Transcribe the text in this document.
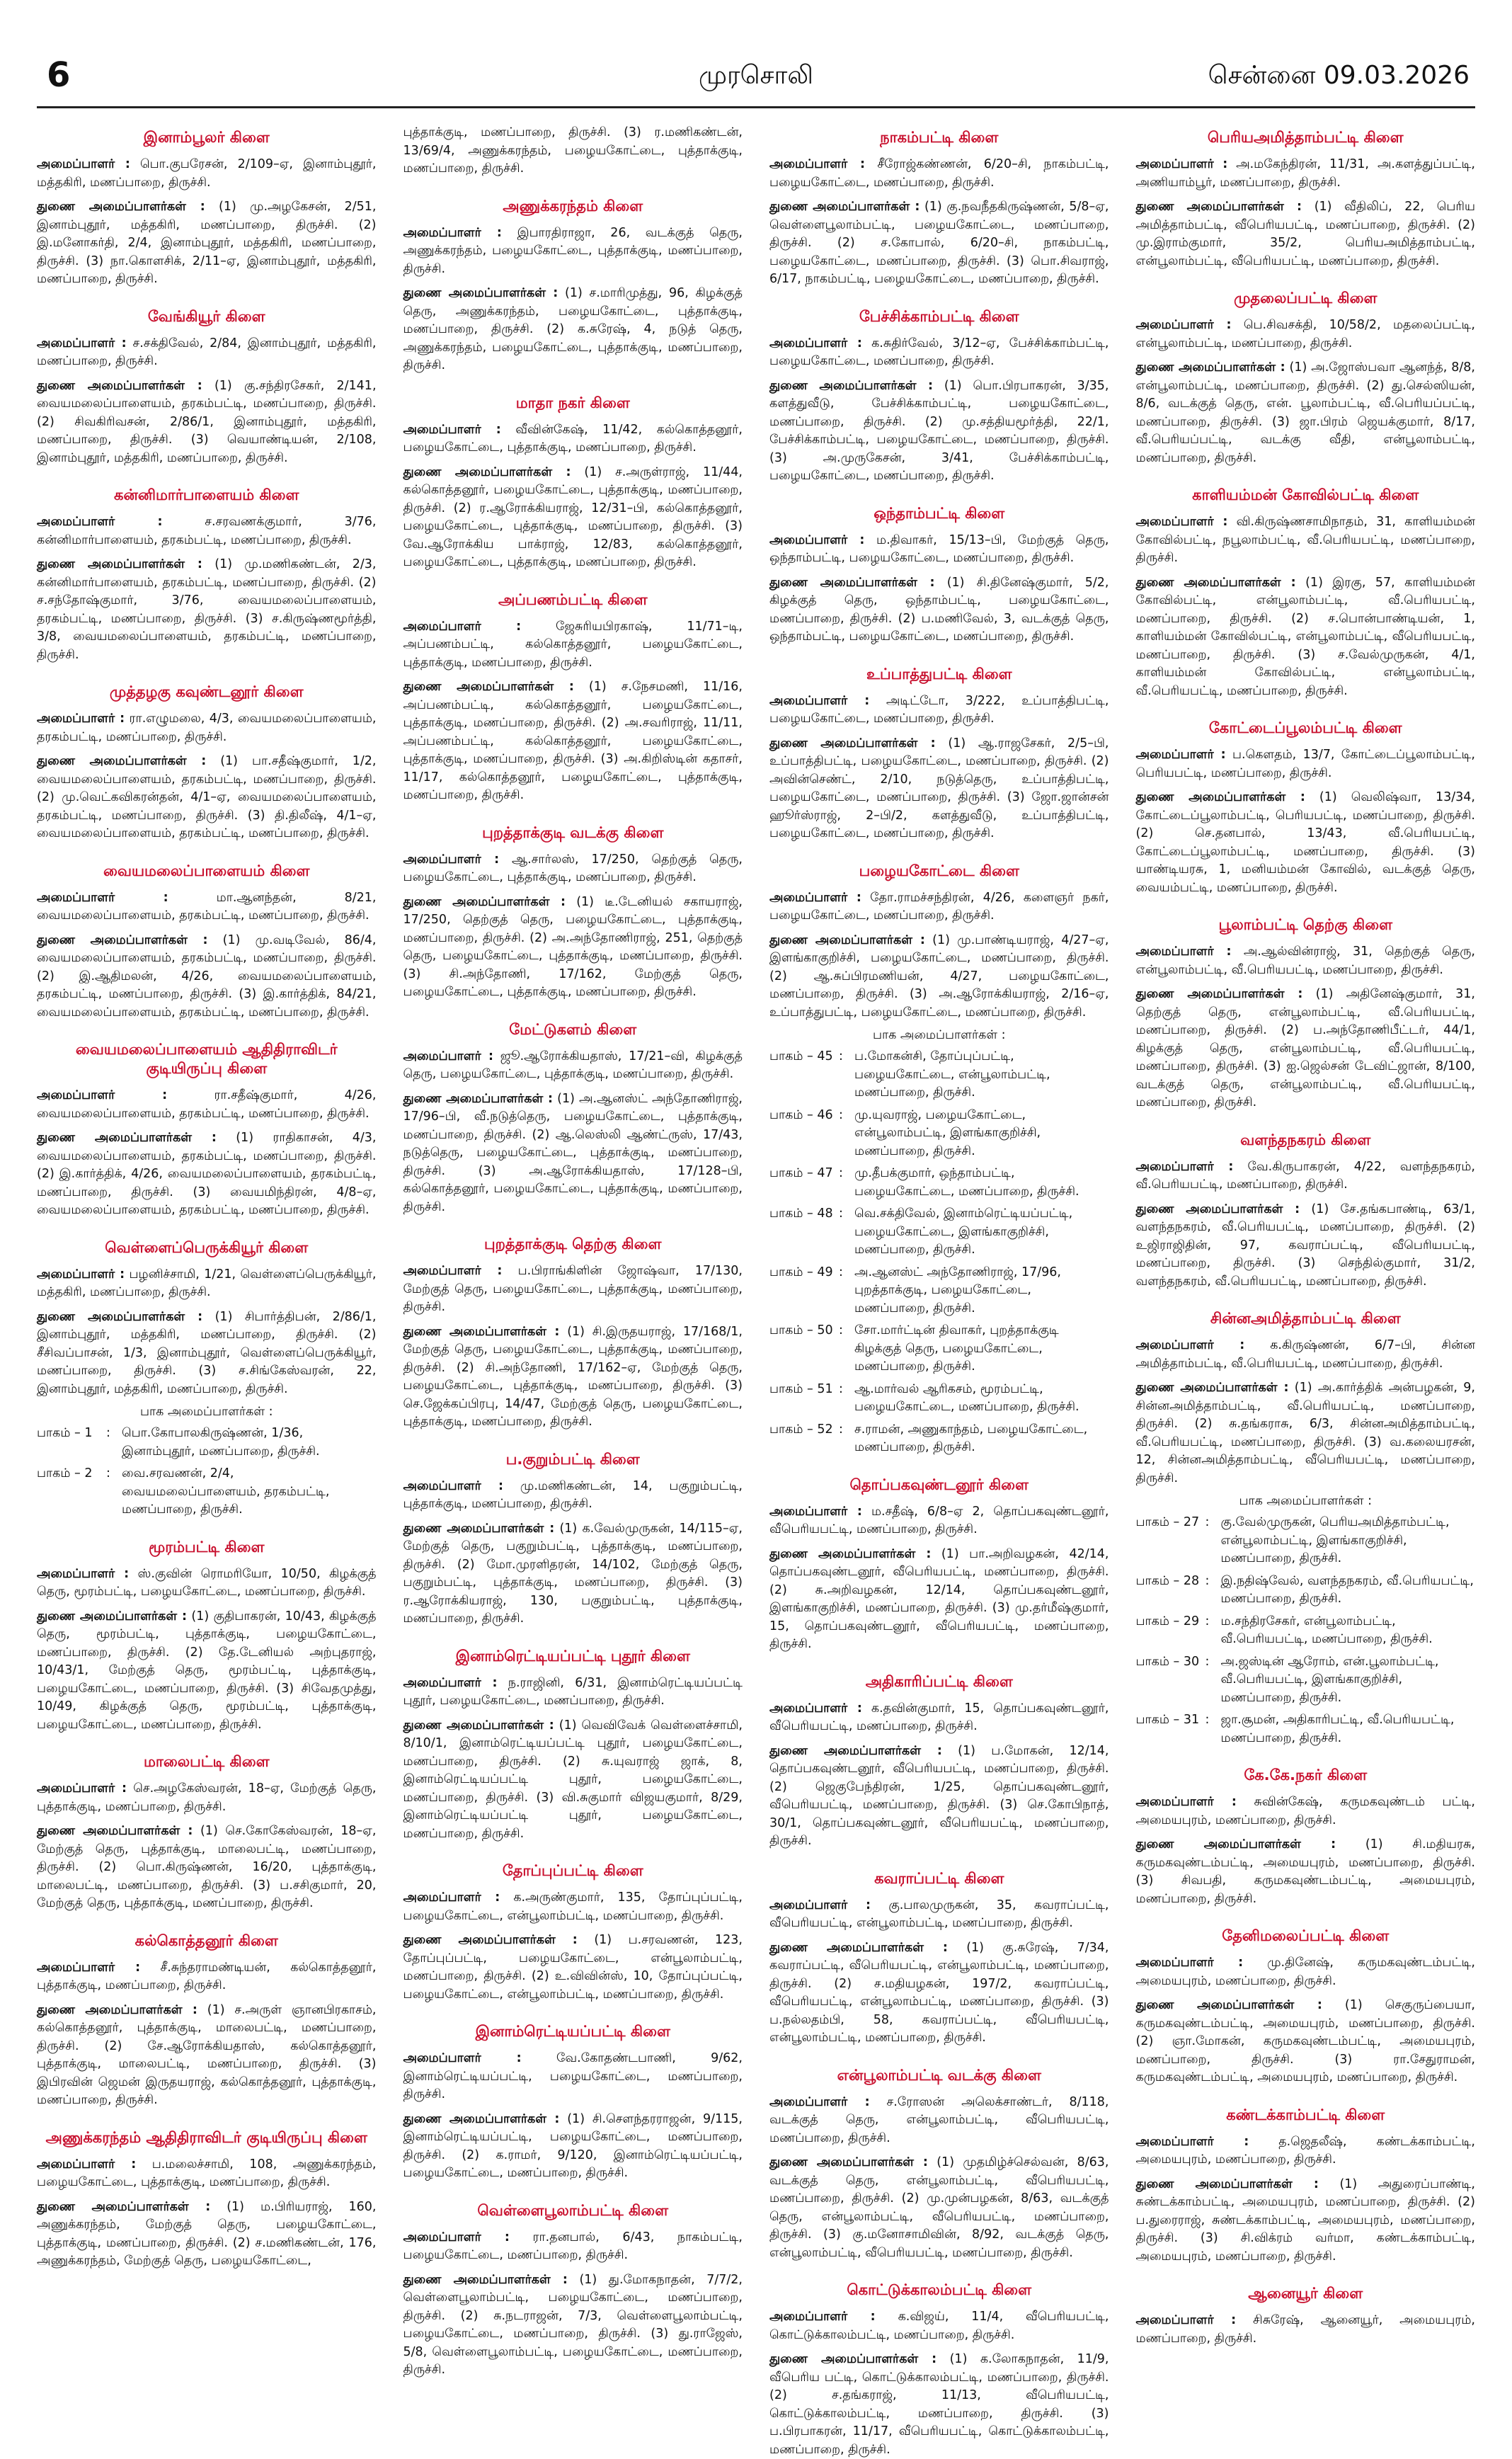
6	முரசொலி	சென்னை 09.03.2026
இனாம்பூலர் கிளை
அமைப்பாளர் : பொ.குபரேசன், 2/109–ஏ, இனாம்புதூர், மத்தகிரி, மணப்பாறை, திருச்சி.
துணை அமைப்பாளர்கள் : (1) மு.அழகேசன், 2/51, இனாம்புதூர், மத்தகிரி, மணப்பாறை, திருச்சி. (2) இ.மனோகர்தி, 2/4, இனாம்புதூர், மத்தகிரி, மணப்பாறை, திருச்சி. (3) நா.கொளசிக், 2/11–ஏ, இனாம்புதூர், மத்தகிரி, மணப்பாறை, திருச்சி.
வேங்கியூர் கிளை
அமைப்பாளர் : ச.சக்திவேல், 2/84, இனாம்புதூர், மத்தகிரி, மணப்பாறை, திருச்சி.
துணை அமைப்பாளர்கள் : (1) கு.சந்திரசேகர், 2/141, வையமலைப்பாளையம், தரகம்பட்டி, மணப்பாறை, திருச்சி. (2) சிவகிரிவசன், 2/86/1, இனாம்புதூர், மத்தகிரி, மணப்பாறை, திருச்சி. (3) வெயாண்டியன், 2/108, இனாம்புதூர், மத்தகிரி, மணப்பாறை, திருச்சி.
கன்னிமார்பாளையம் கிளை
அமைப்பாளர் :	ச.சரவணக்குமார், 3/76, கன்னிமார்பாளையம், தரகம்பட்டி, மணப்பாறை, திருச்சி.
துணை அமைப்பாளர்கள் : (1) மு.மணிகண்டன், 2/3, கன்னிமார்பாளையம், தரகம்பட்டி, மணப்பாறை, திருச்சி. (2) ச.சந்தோஷ்குமார், 3/76, வையமலைப்பாளையம், தரகம்பட்டி, மணப்பாறை, திருச்சி. (3) ச.கிருஷ்ணமூர்த்தி, 3/8, வையமலைப்பாளையம், தரகம்பட்டி, மணப்பாறை, திருச்சி.
முத்தழகு கவுண்டனூர் கிளை
அமைப்பாளர் : ரா.எழுமலை, 4/3, வையமலைப்பாளையம், தரகம்பட்டி, மணப்பாறை, திருச்சி.
துணை அமைப்பாளர்கள் : (1) பா.சதீஷ்குமார், 1/2, வையமலைப்பாளையம், தரகம்பட்டி, மணப்பாறை, திருச்சி. (2) மு.வெட்கவிகரன்தன், 4/1–ஏ, வையமலைப்பாளையம், தரகம்பட்டி, மணப்பாறை, திருச்சி. (3) தி.திலீஷ், 4/1–ஏ, வையமலைப்பாளையம், தரகம்பட்டி, மணப்பாறை, திருச்சி.
வையமலைப்பாளையம் கிளை
அமைப்பாளர் :	மா.ஆனந்தன், 8/21, வையமலைப்பாளையம், தரகம்பட்டி, மணப்பாறை, திருச்சி.
துணை அமைப்பாளர்கள் : (1) மு.வடிவேல், 86/4, வையமலைப்பாளையம், தரகம்பட்டி, மணப்பாறை, திருச்சி. (2) இ.ஆதிமலன், 4/26, வையமலைப்பாளையம், தரகம்பட்டி, மணப்பாறை, திருச்சி. (3) இ.கார்த்திக், 84/21, வையமலைப்பாளையம், தரகம்பட்டி, மணப்பாறை, திருச்சி.
வையமலைப்பாளையம் ஆதிதிராவிடர் குடியிருப்பு கிளை
அமைப்பாளர் :	ரா.சதீஷ்குமார், 4/26, வையமலைப்பாளையம், தரகம்பட்டி, மணப்பாறை, திருச்சி.
துணை அமைப்பாளர்கள் : (1) ராதிகாசன், 4/3, வையமலைப்பாளையம், தரகம்பட்டி, மணப்பாறை, திருச்சி. (2) இ.கார்த்திக், 4/26, வையமலைப்பாளையம், தரகம்பட்டி, மணப்பாறை, திருச்சி. (3) வையமிந்திரன், 4/8–ஏ, வையமலைப்பாளையம், தரகம்பட்டி, மணப்பாறை, திருச்சி.
வெள்ளைப்பெருக்கியூர் கிளை
அமைப்பாளர் : பழனிச்சாமி, 1/21, வெள்ளைப்பெருக்கியூர், மத்தகிரி, மணப்பாறை, திருச்சி.
துணை அமைப்பாளர்கள் : (1) சிபார்த்திபன், 2/86/1, இனாம்புதூர், மத்தகிரி, மணப்பாறை, திருச்சி. (2) சீசிவப்பாசன், 1/3, இனாம்புதூர், வெள்ளைப்பெருக்கியூர், மணப்பாறை, திருச்சி. (3) ச.சிங்கேஸ்வரன், 22, இனாம்புதூர், மத்தகிரி, மணப்பாறை, திருச்சி.
பாக அமைப்பாளர்கள் :
பாகம் – 1	: பொ.கோபாலகிருஷ்ணன், 1/36, இனாம்புதூர், மணப்பாறை, திருச்சி.
பாகம் – 2	: வை.சரவணன், 2/4, வையமலைப்பாளையம், தரகம்பட்டி, மணப்பாறை, திருச்சி.
மூரம்பட்டி கிளை
அமைப்பாளர் : ஸ்.குவின் ரொமரியோ, 10/50, கிழக்குத் தெரு, மூரம்பட்டி, பழையகோட்டை, மணப்பாறை, திருச்சி.
துணை அமைப்பாளர்கள் : (1) குதிபாகரன், 10/43, கிழக்குத் தெரு, மூரம்பட்டி, புத்தாக்குடி, பழையகோட்டை, மணப்பாறை, திருச்சி. (2) தே.டேனியல் அற்புதராஜ், 10/43/1, மேற்குத் தெரு, மூரம்பட்டி, புத்தாக்குடி, பழையகோட்டை, மணப்பாறை, திருச்சி. (3) சிவேதமுத்து, 10/49, கிழக்குத் தெரு, மூரம்பட்டி, புத்தாக்குடி, பழையகோட்டை, மணப்பாறை, திருச்சி.
மாலைபட்டி கிளை
அமைப்பாளர் : செ.அழகேஸ்வரன், 18–ஏ, மேற்குத் தெரு, புத்தாக்குடி, மணப்பாறை, திருச்சி.
துணை அமைப்பாளர்கள் : (1) செ.கோகேஸ்வரன், 18–ஏ, மேற்குத் தெரு, புத்தாக்குடி, மாலைபட்டி, மணப்பாறை, திருச்சி. (2) பொ.கிருஷ்ணன், 16/20, புத்தாக்குடி, மாலைபட்டி, மணப்பாறை, திருச்சி. (3) ப.சசிகுமார், 20, மேற்குத் தெரு, புத்தாக்குடி, மணப்பாறை, திருச்சி.
கல்கொத்தனூர் கிளை
அமைப்பாளர் : சீ.சுந்தராமண்டியன், கல்கொத்தனூர், புத்தாக்குடி, மணப்பாறை, திருச்சி.
துணை அமைப்பாளர்கள் : (1) ச.அருள் ஞானபிரகாசம், கல்கொத்தனூர், புத்தாக்குடி, மாலைபட்டி, மணப்பாறை, திருச்சி. (2) சே.ஆரோக்கியதாஸ், கல்கொத்தனூர், புத்தாக்குடி, மாலைபட்டி, மணப்பாறை, திருச்சி. (3) இபிரவின் ஜெமன் இருதயராஜ், கல்கொத்தனூர், புத்தாக்குடி, மணப்பாறை, திருச்சி.
அணுக்கரந்தம் ஆதிதிராவிடர் குடியிருப்பு கிளை
அமைப்பாளர் : ப.மலைச்சாமி, 108, அணுக்கரந்தம், பழையகோட்டை, புத்தாக்குடி, மணப்பாறை, திருச்சி.
துணை அமைப்பாளர்கள் : (1) ம.பிரியராஜ், 160, அணுக்கரந்தம், மேற்குத் தெரு, பழையகோட்டை, புத்தாக்குடி, மணப்பாறை, திருச்சி. (2) ச.மணிகண்டன், 176, அணுக்கரந்தம், மேற்குத் தெரு, பழையகோட்டை,
புத்தாக்குடி, மணப்பாறை, திருச்சி. (3) ர.மணிகண்டன், 13/69/4, அணுக்கரந்தம், பழையகோட்டை, புத்தாக்குடி, மணப்பாறை, திருச்சி.
அணுக்கரந்தம் கிளை
அமைப்பாளர் : இபாரதிராஜா, 26, வடக்குத் தெரு, அணுக்கரந்தம், பழையகோட்டை, புத்தாக்குடி, மணப்பாறை, திருச்சி.
துணை அமைப்பாளர்கள் : (1) ச.மாரிமுத்து, 96, கிழக்குத் தெரு, அணுக்கரந்தம், பழையகோட்டை, புத்தாக்குடி, மணப்பாறை, திருச்சி. (2) க.சுரேஷ், 4, நடுத் தெரு, அணுக்கரந்தம், பழையகோட்டை, புத்தாக்குடி, மணப்பாறை, திருச்சி.
மாதா நகர் கிளை
அமைப்பாளர் : வீவின்கேஷ், 11/42, கல்கொத்தனூர், பழையகோட்டை, புத்தாக்குடி, மணப்பாறை, திருச்சி.
துணை அமைப்பாளர்கள் : (1) ச.அருள்ராஜ், 11/44, கல்கொத்தனூர், பழையகோட்டை, புத்தாக்குடி, மணப்பாறை, திருச்சி. (2) ர.ஆரோக்கியராஜ், 12/31–பி, கல்கொத்தனூர், பழையகோட்டை, புத்தாக்குடி, மணப்பாறை, திருச்சி. (3) வே.ஆரோக்கிய பாக்ராஜ், 12/83, கல்கொத்தனூர், பழையகோட்டை, புத்தாக்குடி, மணப்பாறை, திருச்சி.
அப்பணம்பட்டி கிளை
அமைப்பாளர் :	ஜேசுரியபிரகாஷ், 11/71–டி, அப்பணம்பட்டி, கல்கொத்தனூர், பழையகோட்டை, புத்தாக்குடி, மணப்பாறை, திருச்சி.
துணை அமைப்பாளர்கள் : (1) ச.நேசமணி, 11/16, அப்பணம்பட்டி, கல்கொத்தனூர், பழையகோட்டை, புத்தாக்குடி, மணப்பாறை, திருச்சி. (2) அ.சவரிராஜ், 11/11, அப்பணம்பட்டி, கல்கொத்தனூர், பழையகோட்டை, புத்தாக்குடி, மணப்பாறை, திருச்சி. (3) அ.கிறிஸ்டின் கதாசர், 11/17, கல்கொத்தனூர், பழையகோட்டை, புத்தாக்குடி, மணப்பாறை, திருச்சி.
புறத்தாக்குடி வடக்கு கிளை
அமைப்பாளர் : ஆ.சார்லஸ், 17/250, தெற்குத் தெரு, பழையகோட்டை, புத்தாக்குடி, மணப்பாறை, திருச்சி.
துணை அமைப்பாளர்கள் : (1) டீ.டேனியல் சகாயராஜ், 17/250, தெற்குத் தெரு, பழையகோட்டை, புத்தாக்குடி, மணப்பாறை, திருச்சி. (2) அ.அந்தோணிராஜ், 251, தெற்குத் தெரு, பழையகோட்டை, புத்தாக்குடி, மணப்பாறை, திருச்சி. (3) சி.அந்தோணி, 17/162, மேற்குத் தெரு, பழையகோட்டை, புத்தாக்குடி, மணப்பாறை, திருச்சி.
மேட்டுகளம் கிளை
அமைப்பாளர் : ஜூ.ஆரோக்கியதாஸ், 17/21–வி, கிழக்குத் தெரு, பழையகோட்டை, புத்தாக்குடி, மணப்பாறை, திருச்சி.
துணை அமைப்பாளர்கள் : (1) அ.ஆனஸ்ட் அந்தோணிராஜ், 17/96–பி, வீ.நடுத்தெரு, பழையகோட்டை, புத்தாக்குடி, மணப்பாறை, திருச்சி. (2) ஆ.லெஸ்லி ஆண்ட்ருஸ், 17/43, நடுத்தெரு, பழையகோட்டை, புத்தாக்குடி, மணப்பாறை, திருச்சி. (3) அ.ஆரோக்கியதாஸ், 17/128–பி, கல்கொத்தனூர், பழையகோட்டை, புத்தாக்குடி, மணப்பாறை, திருச்சி.
புறத்தாக்குடி தெற்கு கிளை
அமைப்பாளர் : ப.பிராங்கிளின் ஜோஷ்வா, 17/130, மேற்குத் தெரு, பழையகோட்டை, புத்தாக்குடி, மணப்பாறை, திருச்சி.
துணை அமைப்பாளர்கள் : (1) சி.இருதயராஜ், 17/168/1, மேற்குத் தெரு, பழையகோட்டை, புத்தாக்குடி, மணப்பாறை, திருச்சி. (2) சி.அந்தோணி, 17/162–ஏ, மேற்குத் தெரு, பழையகோட்டை, புத்தாக்குடி, மணப்பாறை, திருச்சி. (3) செ.ஜேக்கப்பிரபு, 14/47, மேற்குத் தெரு, பழையகோட்டை, புத்தாக்குடி, மணப்பாறை, திருச்சி.
ப.குறும்பட்டி கிளை
அமைப்பாளர் : மு.மணிகண்டன், 14, பகுறும்பட்டி, புத்தாக்குடி, மணப்பாறை, திருச்சி.
துணை அமைப்பாளர்கள் : (1) க.வேல்முருகன், 14/115–ஏ, மேற்குத் தெரு, பகுறும்பட்டி, புத்தாக்குடி, மணப்பாறை, திருச்சி. (2) மோ.முரளிதரன், 14/102, மேற்குத் தெரு, பகுறும்பட்டி, புத்தாக்குடி, மணப்பாறை, திருச்சி. (3) ர.ஆரோக்கியராஜ், 130, பகுறும்பட்டி, புத்தாக்குடி, மணப்பாறை, திருச்சி.
இனாம்ரெட்டியப்பட்டி புதூர் கிளை
அமைப்பாளர் : ந.ராஜினி, 6/31, இனாம்ரெட்டியப்பட்டி புதூர், பழையகோட்டை, மணப்பாறை, திருச்சி.
துணை அமைப்பாளர்கள் : (1) வெவிவேக் வெள்ளைச்சாமி, 8/10/1, இனாம்ரெட்டியப்பட்டி புதூர், பழையகோட்டை, மணப்பாறை, திருச்சி. (2) சு.யுவராஜ் ஜாக், 8, இனாம்ரெட்டியப்பட்டி புதூர், பழையகோட்டை, மணப்பாறை, திருச்சி. (3) வி.சுகுமார் விஜயகுமார், 8/29, இனாம்ரெட்டியப்பட்டி புதூர், பழையகோட்டை, மணப்பாறை, திருச்சி.
தோப்புப்பட்டி கிளை
அமைப்பாளர் : க.அருண்குமார், 135, தோப்புப்பட்டி, பழையகோட்டை, என்பூலாம்பட்டி, மணப்பாறை, திருச்சி.
துணை அமைப்பாளர்கள் : (1) ப.சரவணன், 123, தோப்புப்பட்டி, பழையகோட்டை, என்பூலாம்பட்டி, மணப்பாறை, திருச்சி. (2) உ.விவின்ஸ், 10, தோப்புப்பட்டி, பழையகோட்டை, என்பூலாம்பட்டி, மணப்பாறை, திருச்சி.
இனாம்ரெட்டியப்பட்டி கிளை
அமைப்பாளர் :	வே.கோதண்டபாணி, 9/62, இனாம்ரெட்டியப்பட்டி, பழையகோட்டை, மணப்பாறை, திருச்சி.
துணை அமைப்பாளர்கள் : (1) சி.சௌந்தரராஜன், 9/115, இனாம்ரெட்டியப்பட்டி, பழையகோட்டை, மணப்பாறை, திருச்சி. (2) க.ராமர், 9/120, இனாம்ரெட்டியப்பட்டி, பழையகோட்டை, மணப்பாறை, திருச்சி.
வெள்ளைபூலாம்பட்டி கிளை
அமைப்பாளர் : ரா.தனபால், 6/43, நாகம்பட்டி, பழையகோட்டை, மணப்பாறை, திருச்சி.
துணை அமைப்பாளர்கள் : (1) து.மோகநாதன், 7/7/2, வெள்ளைபூலாம்பட்டி, பழையகோட்டை, மணப்பாறை, திருச்சி. (2) சு.நடராஜன், 7/3, வெள்ளைபூலாம்பட்டி, பழையகோட்டை, மணப்பாறை, திருச்சி. (3) து.ராஜேஸ், 5/8, வெள்ளைபூலாம்பட்டி, பழையகோட்டை, மணப்பாறை, திருச்சி.
நாகம்பட்டி கிளை
அமைப்பாளர் : சீரோஜ்கண்ணன், 6/20–சி, நாகம்பட்டி, பழையகோட்டை, மணப்பாறை, திருச்சி.
துணை அமைப்பாளர்கள் : (1) கு.நவநீதகிருஷ்ணன், 5/8–ஏ, வெள்ளைபூலாம்பட்டி, பழையகோட்டை, மணப்பாறை, திருச்சி. (2) ச.கோபால், 6/20–சி, நாகம்பட்டி, பழையகோட்டை, மணப்பாறை, திருச்சி. (3) பொ.சிவராஜ், 6/17, நாகம்பட்டி, பழையகோட்டை, மணப்பாறை, திருச்சி.
பேச்சிக்காம்பட்டி கிளை
அமைப்பாளர் : க.சுதிர்வேல், 3/12–ஏ, பேச்சிக்காம்பட்டி, பழையகோட்டை, மணப்பாறை, திருச்சி.
துணை அமைப்பாளர்கள் : (1) பொ.பிரபாகரன், 3/35, களத்துவீடு, பேச்சிக்காம்பட்டி, பழையகோட்டை, மணப்பாறை, திருச்சி. (2) மு.சத்தியமூர்த்தி, 22/1, பேச்சிக்காம்பட்டி, பழையகோட்டை, மணப்பாறை, திருச்சி. (3) அ.முருகேசன், 3/41, பேச்சிக்காம்பட்டி, பழையகோட்டை, மணப்பாறை, திருச்சி.
ஒந்தாம்பட்டி கிளை
அமைப்பாளர் : ம.திவாகர், 15/13–பி, மேற்குத் தெரு, ஒந்தாம்பட்டி, பழையகோட்டை, மணப்பாறை, திருச்சி.
துணை அமைப்பாளர்கள் : (1) சி.தினேஷ்குமார், 5/2, கிழக்குத் தெரு, ஒந்தாம்பட்டி, பழையகோட்டை, மணப்பாறை, திருச்சி. (2) ப.மணிவேல், 3, வடக்குத் தெரு, ஒந்தாம்பட்டி, பழையகோட்டை, மணப்பாறை, திருச்சி.
உப்பாத்துபட்டி கிளை
அமைப்பாளர் : அடிட்டோ, 3/222, உப்பாத்திபட்டி, பழையகோட்டை, மணப்பாறை, திருச்சி.
துணை அமைப்பாளர்கள் : (1) ஆ.ராஜசேகர், 2/5–பி, உப்பாத்திபட்டி, பழையகோட்டை, மணப்பாறை, திருச்சி. (2) அவின்செண்ட், 2/10, நடுத்தெரு, உப்பாத்திபட்டி, பழையகோட்டை, மணப்பாறை, திருச்சி. (3) ஜோ.ஜான்சன் ஹூர்ஸ்ராஜ், 2–பி/2, களத்துவீடு, உப்பாத்திபட்டி, பழையகோட்டை, மணப்பாறை, திருச்சி.
பழையகோட்டை கிளை
அமைப்பாளர் : தோ.ராமச்சந்திரன், 4/26, களைஞர் நகர், பழையகோட்டை, மணப்பாறை, திருச்சி.
துணை அமைப்பாளர்கள் : (1) மு.பாண்டியராஜ், 4/27–ஏ, இளங்காகுறிச்சி, பழையகோட்டை, மணப்பாறை, திருச்சி. (2) ஆ.சுப்பிரமணியன், 4/27, பழையகோட்டை, மணப்பாறை, திருச்சி. (3) அ.ஆரோக்கியராஜ், 2/16–ஏ, உப்பாத்துபட்டி, பழையகோட்டை, மணப்பாறை, திருச்சி.
பாக அமைப்பாளர்கள் :
பாகம் – 45 : ப.மோகன்சி, தோப்புப்பட்டி, பழையகோட்டை, என்பூலாம்பட்டி, மணப்பாறை, திருச்சி.
பாகம் – 46 : மு.யுவராஜ், பழையகோட்டை, என்பூலாம்பட்டி, இளங்காகுறிச்சி, மணப்பாறை, திருச்சி.
பாகம் – 47 : மு.தீபக்குமார், ஒந்தாம்பட்டி, பழையகோட்டை, மணப்பாறை, திருச்சி.
பாகம் – 48 : வெ.சக்திவேல், இனாம்ரெட்டியப்பட்டி, பழையகோட்டை, இளங்காகுறிச்சி, மணப்பாறை, திருச்சி.
பாகம் – 49 : அ.ஆனஸ்ட் அந்தோணிராஜ், 17/96, புறத்தாக்குடி, பழையகோட்டை, மணப்பாறை, திருச்சி.
பாகம் – 50 : சோ.மார்ட்டின் திவாகர், புறத்தாக்குடி கிழக்குத் தெரு, பழையகோட்டை, மணப்பாறை, திருச்சி.
பாகம் – 51 : ஆ.மார்வல் ஆரிகசம், மூரம்பட்டி, பழையகோட்டை, மணப்பாறை, திருச்சி.
பாகம் – 52 : ச.ராமன், அணுகாந்தம், பழையகோட்டை, மணப்பாறை, திருச்சி.
தொப்பகவுண்டனூர் கிளை
அமைப்பாளர் : ம.சதீஷ், 6/8–ஏ 2, தொப்பகவுண்டனூர், வீபெரியபட்டி, மணப்பாறை, திருச்சி.
துணை அமைப்பாளர்கள் : (1) பா.அறிவழகன், 42/14, தொப்பகவுண்டனூர், வீபெரியபட்டி, மணப்பாறை, திருச்சி. (2) சு.அறிவழகன், 12/14, தொப்பகவுண்டனூர், இளங்காகுறிச்சி, மணப்பாறை, திருச்சி. (3) மு.தர்மீஷ்குமார், 15, தொப்பகவுண்டனூர், வீபெரியபட்டி, மணப்பாறை, திருச்சி.
அதிகாரிப்பட்டி கிளை
அமைப்பாளர் : க.தவின்குமார், 15, தொப்பகவுண்டனூர், வீபெரியபட்டி, மணப்பாறை, திருச்சி.
துணை அமைப்பாளர்கள் : (1) ப.மோகன், 12/14, தொப்பகவுண்டனூர், வீபெரியபட்டி, மணப்பாறை, திருச்சி. (2) ஜெகுபேந்திரன், 1/25, தொப்பகவுண்டனூர், வீபெரியபட்டி, மணப்பாறை, திருச்சி. (3) செ.கோபிநாத், 30/1, தொப்பகவுண்டனூர், வீபெரியபட்டி, மணப்பாறை, திருச்சி.
கவராப்பட்டி கிளை
அமைப்பாளர் : கு.பாலமுருகன், 35, கவராப்பட்டி, வீபெரியபட்டி, என்பூலாம்பட்டி, மணப்பாறை, திருச்சி.
துணை அமைப்பாளர்கள் : (1) கு.சுரேஷ், 7/34, கவராப்பட்டி, வீபெரியபட்டி, என்பூலாம்பட்டி, மணப்பாறை, திருச்சி. (2) ச.மதியழகன், 197/2, கவராப்பட்டி, வீபெரியபட்டி, என்பூலாம்பட்டி, மணப்பாறை, திருச்சி. (3) ப.நல்லதம்பி, 58, கவராப்பட்டி, வீபெரியபட்டி, என்பூலாம்பட்டி, மணப்பாறை, திருச்சி.
என்பூலாம்பட்டி வடக்கு கிளை
அமைப்பாளர் : ச.ரோஸன் அலெக்சாண்டர், 8/118, வடக்குத் தெரு, என்பூலாம்பட்டி, வீபெரியபட்டி, மணப்பாறை, திருச்சி.
துணை அமைப்பாளர்கள் : (1) முதமிழ்ச்செல்வன், 8/63, வடக்குத் தெரு, என்பூலாம்பட்டி, வீபெரியபட்டி, மணப்பாறை, திருச்சி. (2) மு.முன்பழகன், 8/63, வடக்குத் தெரு, என்பூலாம்பட்டி, வீபெரியபட்டி, மணப்பாறை, திருச்சி. (3) கு.மனோசாமிவின், 8/92, வடக்குத் தெரு, என்பூலாம்பட்டி, வீபெரியபட்டி, மணப்பாறை, திருச்சி.
கொட்டுக்காலம்பட்டி கிளை
அமைப்பாளர் : க.விஜய், 11/4, வீபெரியபட்டி, கொட்டுக்காலம்பட்டி, மணப்பாறை, திருச்சி.
துணை அமைப்பாளர்கள் : (1) க.லோகநாதன், 11/9, வீபெரிய பட்டி, கொட்டுக்காலம்பட்டி, மணப்பாறை, திருச்சி. (2) ச.தங்கராஜ், 11/13, வீபெரியபட்டி, கொட்டுக்காலம்பட்டி, மணப்பாறை, திருச்சி. (3) ப.பிரபாகரன், 11/17, வீபெரியபட்டி, கொட்டுக்காலம்பட்டி, மணப்பாறை, திருச்சி.
பெரியஅமித்தாம்பட்டி கிளை
அமைப்பாளர் : அ.மகேந்திரன், 11/31, அ.களத்துப்பட்டி, அணியாம்பூர், மணப்பாறை, திருச்சி.
துணை அமைப்பாளர்கள் : (1) வீதிலிப், 22, பெரிய அமித்தாம்பட்டி, வீபெரியபட்டி, மணப்பாறை, திருச்சி. (2) மு.இராம்குமார், 35/2, பெரியஅமித்தாம்பட்டி, என்பூலாம்பட்டி, வீபெரியபட்டி, மணப்பாறை, திருச்சி.
முதலைப்பட்டி கிளை
அமைப்பாளர் : பெ.சிவசக்தி, 10/58/2, மதலைப்பட்டி, என்பூலாம்பட்டி, மணப்பாறை, திருச்சி.
துணை அமைப்பாளர்கள் : (1) அ.ஜோஸ்பவா ஆனந்த், 8/8, என்பூலாம்பட்டி, மணப்பாறை, திருச்சி. (2) து.செல்ஸியன், 8/6, வடக்குத் தெரு, என். பூலாம்பட்டி, வீ.பெரியப்பட்டி, மணப்பாறை, திருச்சி. (3) ஜா.பிரம் ஜெயக்குமார், 8/17, வீ.பெரியப்பட்டி, வடக்கு வீதி, என்பூலாம்பட்டி, மணப்பாறை, திருச்சி.
காளியம்மன் கோவில்பட்டி கிளை
அமைப்பாளர் : வி.கிருஷ்ணசாமிநாதம், 31, காளியம்மன் கோவில்பட்டி, நபூலாம்பட்டி, வீ.பெரியபட்டி, மணப்பாறை, திருச்சி.
துணை அமைப்பாளர்கள் : (1) இரகு, 57, காளியம்மன் கோவில்பட்டி, என்பூலாம்பட்டி, வீ.பெரியபட்டி, மணப்பாறை, திருச்சி. (2) ச.பொன்பாண்டியன், 1, காளியம்மன் கோவில்பட்டி, என்பூலாம்பட்டி, வீபெரியபட்டி, மணப்பாறை, திருச்சி. (3) ச.வேல்முருகன், 4/1, காளியம்மன் கோவில்பட்டி, என்பூலாம்பட்டி, வீ.பெரியபட்டி, மணப்பாறை, திருச்சி.
கோட்டைப்பூலம்பட்டி கிளை
அமைப்பாளர் : ப.கௌதம், 13/7, கோட்டைப்பூலாம்பட்டி, பெரியபட்டி, மணப்பாறை, திருச்சி.
துணை அமைப்பாளர்கள் : (1) வெலிஷ்வா, 13/34, கோட்டைப்பூலாம்பட்டி, பெரியபட்டி, மணப்பாறை, திருச்சி. (2) செ.தனபால், 13/43, வீ.பெரியபட்டி, கோட்டைப்பூலாம்பட்டி, மணப்பாறை, திருச்சி. (3) யாண்டியரசு, 1, மனியம்மன் கோவில், வடக்குத் தெரு, வையம்பட்டி, மணப்பாறை, திருச்சி.
பூலாம்பட்டி தெற்கு கிளை
அமைப்பாளர் : அ.ஆல்வின்ராஜ், 31, தெற்குத் தெரு, என்பூலாம்பட்டி, வீ.பெரியபட்டி, மணப்பாறை, திருச்சி.
துணை அமைப்பாளர்கள் : (1) அதினேஷ்குமார், 31, தெற்குத் தெரு, என்பூலாம்பட்டி, வீ.பெரியபட்டி, மணப்பாறை, திருச்சி. (2) ப.அந்தோணிபீட்டர், 44/1, கிழக்குத் தெரு, என்பூலாம்பட்டி, வீ.பெரியபட்டி, மணப்பாறை, திருச்சி. (3) ஐ.ஜெல்சன் டேவிட்ஜான், 8/100, வடக்குத் தெரு, என்பூலாம்பட்டி, வீ.பெரியபட்டி, மணப்பாறை, திருச்சி.
வளந்தநகரம் கிளை
அமைப்பாளர் : வே.கிருபாகரன், 4/22, வளந்தநகரம், வீ.பெரியபட்டி, மணப்பாறை, திருச்சி.
துணை அமைப்பாளர்கள் : (1) சே.தங்கபாண்டி, 63/1, வளந்தநகரம், வீ.பெரியபட்டி, மணப்பாறை, திருச்சி. (2) உஜிராஜிதின், 97, கவராப்பட்டி, வீபெரியபட்டி, மணப்பாறை, திருச்சி. (3) செந்தில்குமார், 31/2, வளந்தநகரம், வீ.பெரியபட்டி, மணப்பாறை, திருச்சி.
சின்னஅமித்தாம்பட்டி கிளை
அமைப்பாளர் : க.கிருஷ்ணன், 6/7–பி, சின்ன அமித்தாம்பட்டி, வீ.பெரியபட்டி, மணப்பாறை, திருச்சி.
துணை அமைப்பாளர்கள் : (1) அ.கார்த்திக் அன்பழகன், 9, சின்னஅமித்தாம்பட்டி, வீ.பெரியபட்டி, மணப்பாறை, திருச்சி. (2) சு.தங்கராசு, 6/3, சின்னஅமித்தாம்பட்டி, வீ.பெரியபட்டி, மணப்பாறை, திருச்சி. (3) வ.கலையரசன், 12, சின்னஅமித்தாம்பட்டி, வீபெரியபட்டி, மணப்பாறை, திருச்சி.
பாக அமைப்பாளர்கள் :
பாகம் – 27 : கு.வேல்முருகன், பெரியஅமித்தாம்பட்டி, என்பூலாம்பட்டி, இளங்காகுறிச்சி, மணப்பாறை, திருச்சி.
பாகம் – 28 : இ.நதிஷ்வேல், வளந்தநகரம், வீ.பெரியபட்டி, மணப்பாறை, திருச்சி.
பாகம் – 29 : ம.சந்திரசேகர், என்பூலாம்பட்டி, வீ.பெரியபட்டி, மணப்பாறை, திருச்சி.
பாகம் – 30 : அ.ஜஸ்டின் ஆரோம், என்.பூலாம்பட்டி, வீ.பெரியபட்டி, இளங்காகுறிச்சி, மணப்பாறை, திருச்சி.
பாகம் – 31 : ஜா.சூமன், அதிகாரிபட்டி, வீ.பெரியபட்டி, மணப்பாறை, திருச்சி.
கே.கே.நகர் கிளை
அமைப்பாளர் : சுவின்கேஷ், கருமகவுண்டம் பட்டி, அமையபுரம், மணப்பாறை, திருச்சி.
துணை அமைப்பாளர்கள் : (1) சி.மதியரசு, கருமகவுண்டம்பட்டி, அமையபுரம், மணப்பாறை, திருச்சி. (3) சிவபதி, கருமகவுண்டம்பட்டி, அமையபுரம், மணப்பாறை, திருச்சி.
தேனிமலைப்பட்டி கிளை
அமைப்பாளர் : மு.தினேஷ், கருமகவுண்டம்பட்டி, அமையபுரம், மணப்பாறை, திருச்சி.
துணை அமைப்பாளர்கள் : (1) செகுருப்பையா, கருமகவுண்டம்பட்டி, அமையபுரம், மணப்பாறை, திருச்சி. (2) ஞா.மோகன், கருமகவுண்டம்பட்டி, அமையபுரம், மணப்பாறை, திருச்சி. (3) ரா.சேதுராமன், கருமகவுண்டம்பட்டி, அமையபுரம், மணப்பாறை, திருச்சி.
கண்டக்காம்பட்டி கிளை
அமைப்பாளர் : த.ஜெதலீஷ், கண்டக்காம்பட்டி, அமையபுரம், மணப்பாறை, திருச்சி.
துணை அமைப்பாளர்கள் : (1) அதுரைப்பாண்டி, சுண்டக்காம்பட்டி, அமையபுரம், மணப்பாறை, திருச்சி. (2) ப.துரைராஜ், சுண்டக்காம்பட்டி, அமையபுரம், மணப்பாறை, திருச்சி. (3) சி.விக்ரம் வர்மா, கண்டக்காம்பட்டி, அமையபுரம், மணப்பாறை, திருச்சி.
ஆனையூர் கிளை
அமைப்பாளர் : சிசுரேஷ், ஆனையூர், அமையபுரம், மணப்பாறை, திருச்சி.
